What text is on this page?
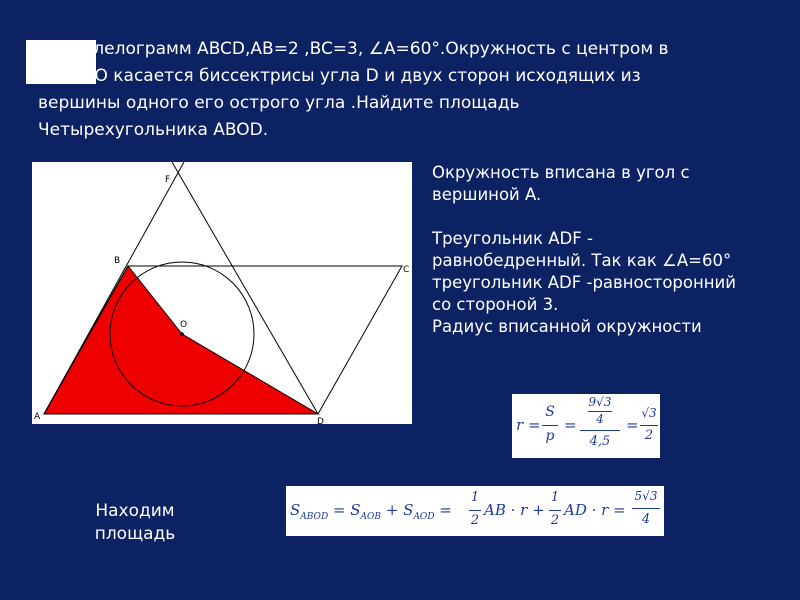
Параллелограмм ABCD,AB=2 ,BC=3, ∠A=60°.Окружность с центром в
точке O касается биссектрисы угла D и двух сторон исходящих из
вершины одного его острого угла .Найдите площадь
Четырехугольника ABOD.
A
B
C
D
F
O

Окружность вписана в угол с

вершиной A.

Треугольник ADF -

равнобедренный. Так как ∠A=60°

треугольник ADF -равносторонний

со стороной 3.

Радиус вписанной окружности

r =
S
p
=
9√3
4
4,5
=
√3
2
$S_{ABOD} = S_{AOB} + S_{AOD}$ =
1
2
AB · r +
1
2
AD · r =
5√3
4
Находим
площадь
